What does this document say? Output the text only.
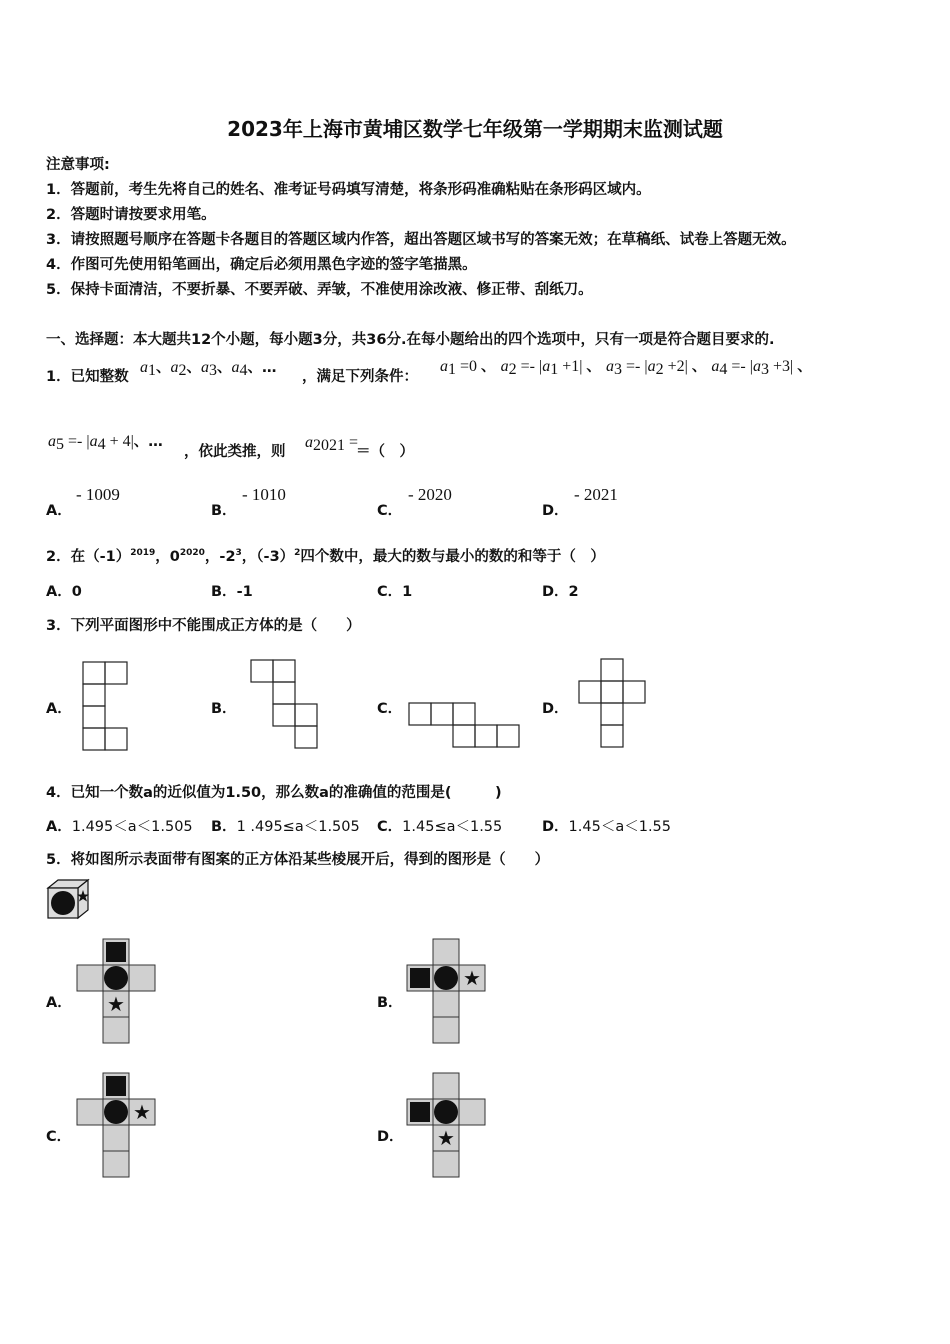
2023年上海市黄埔区数学七年级第一学期期末监测试题
注意事项:
1．答题前，考生先将自己的姓名、准考证号码填写清楚，将条形码准确粘贴在条形码区域内。
2．答题时请按要求用笔。
3．请按照题号顺序在答题卡各题目的答题区域内作答，超出答题区域书写的答案无效；在草稿纸、试卷上答题无效。
4．作图可先使用铅笔画出，确定后必须用黑色字迹的签字笔描黑。
5．保持卡面清洁，不要折暴、不要弄破、弄皱，不准使用涂改液、修正带、刮纸刀。
一、选择题：本大题共12个小题，每小题3分，共36分.在每小题给出的四个选项中，只有一项是符合题目要求的.
1．已知整数
$a_1$、$a_2$、$a_3$、$a_4$、…
，满足下列条件：
$a_1 =0$ 、 $a_2 =- |a_1 +1|$ 、 $a_3 =- |a_2 +2|$ 、 $a_4 =- |a_3 +3|$ 、
$a_5 =- |a_4 + 4|$、…
，依此类推，则
$a_{2021}$ =
＝（　）
A．
- 1009
B．
- 1010
C．
- 2020
D．
- 2021
2．在$(-1)^{2019}$，$0^{2020}$，$-2^3$，$(-3)^2$四个数中，最大的数与最小的数的和等于（　）
A．0	B．-1	C．1	D．2
3．下列平面图形中不能围成正方体的是（　　）
A．	B．	C．	D．
4．已知一个数a的近似值为1.50，那么数a的准确值的范围是(　　　)
A．1.495＜a＜1.505 B．1 .495≤a＜1.505 C．1.45≤a＜1.55	D．1.45＜a＜1.55
5．将如图所示表面带有图案的正方体沿某些棱展开后，得到的图形是（　　）
A． ★	B．
★
C．
★
D． ★
